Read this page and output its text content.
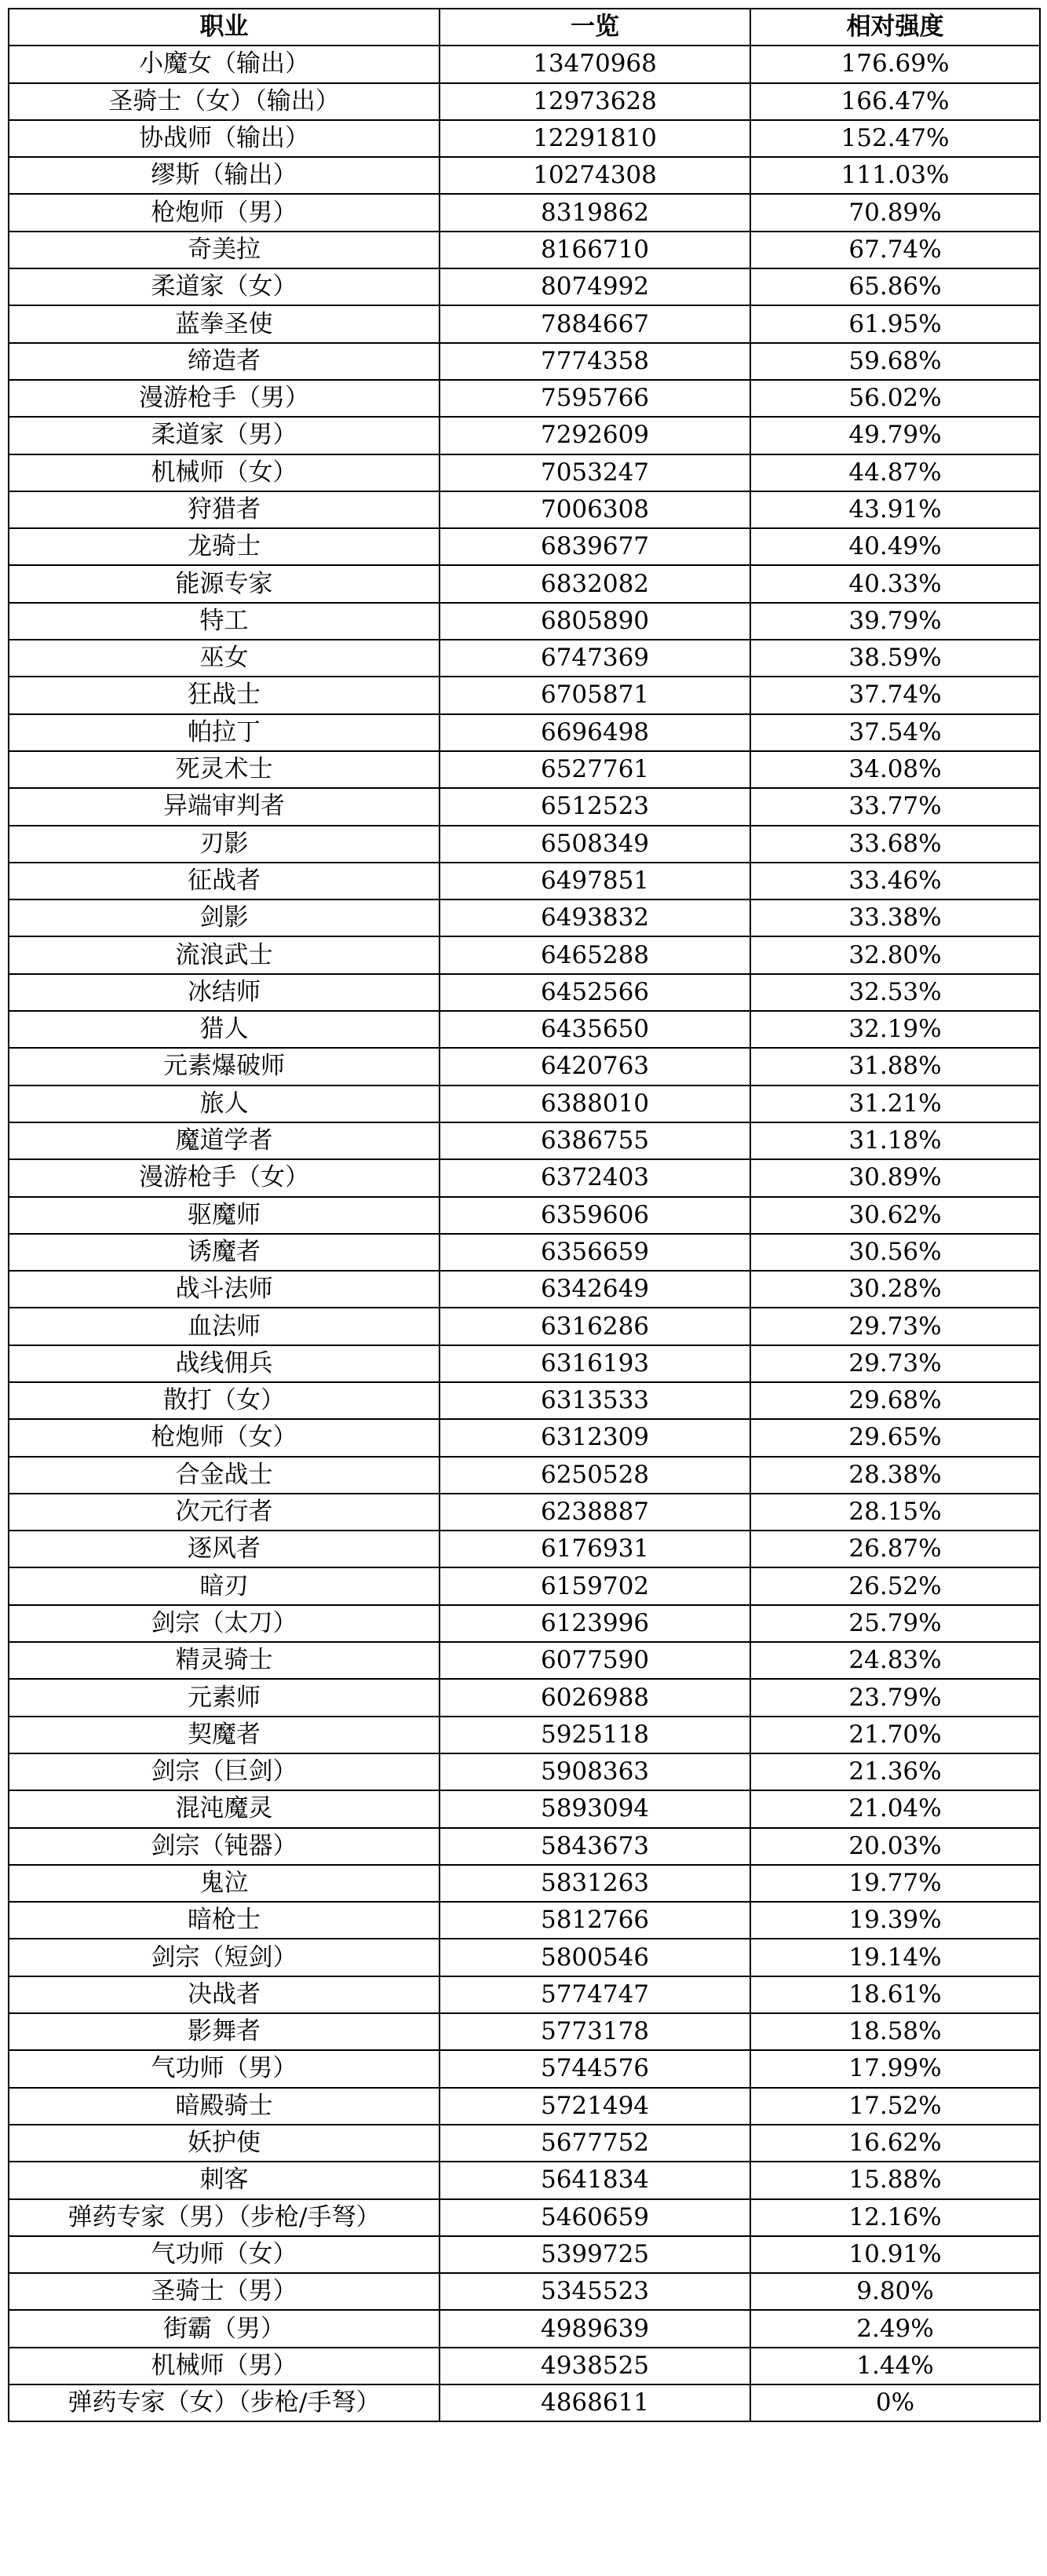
职业	一览	相对强度
小魔女（输出）	13470968	176.69%
圣骑士（女）（输出）	12973628	166.47%
协战师（输出）	12291810	152.47%
缪斯（输出）	10274308	111.03%
枪炮师（男）	8319862	70.89%
奇美拉	8166710	67.74%
柔道家（女）	8074992	65.86%
蓝拳圣使	7884667	61.95%
缔造者	7774358	59.68%
漫游枪手（男）	7595766	56.02%
柔道家（男）	7292609	49.79%
机械师（女）	7053247	44.87%
狩猎者	7006308	43.91%
龙骑士	6839677	40.49%
能源专家	6832082	40.33%
特工	6805890	39.79%
巫女	6747369	38.59%
狂战士	6705871	37.74%
帕拉丁	6696498	37.54%
死灵术士	6527761	34.08%
异端审判者	6512523	33.77%
刃影	6508349	33.68%
征战者	6497851	33.46%
剑影	6493832	33.38%
流浪武士	6465288	32.80%
冰结师	6452566	32.53%
猎人	6435650	32.19%
元素爆破师	6420763	31.88%
旅人	6388010	31.21%
魔道学者	6386755	31.18%
漫游枪手（女）	6372403	30.89%
驱魔师	6359606	30.62%
诱魔者	6356659	30.56%
战斗法师	6342649	30.28%
血法师	6316286	29.73%
战线佣兵	6316193	29.73%
散打（女）	6313533	29.68%
枪炮师（女）	6312309	29.65%
合金战士	6250528	28.38%
次元行者	6238887	28.15%
逐风者	6176931	26.87%
暗刃	6159702	26.52%
剑宗（太刀）	6123996	25.79%
精灵骑士	6077590	24.83%
元素师	6026988	23.79%
契魔者	5925118	21.70%
剑宗（巨剑）	5908363	21.36%
混沌魔灵	5893094	21.04%
剑宗（钝器）	5843673	20.03%
鬼泣	5831263	19.77%
暗枪士	5812766	19.39%
剑宗（短剑）	5800546	19.14%
决战者	5774747	18.61%
影舞者	5773178	18.58%
气功师（男）	5744576	17.99%
暗殿骑士	5721494	17.52%
妖护使	5677752	16.62%
刺客	5641834	15.88%
弹药专家（男）（步枪/手弩）	5460659	12.16%
气功师（女）	5399725	10.91%
圣骑士（男）	5345523	9.80%
街霸（男）	4989639	2.49%
机械师（男）	4938525	1.44%
弹药专家（女）（步枪/手弩）	4868611	0%
